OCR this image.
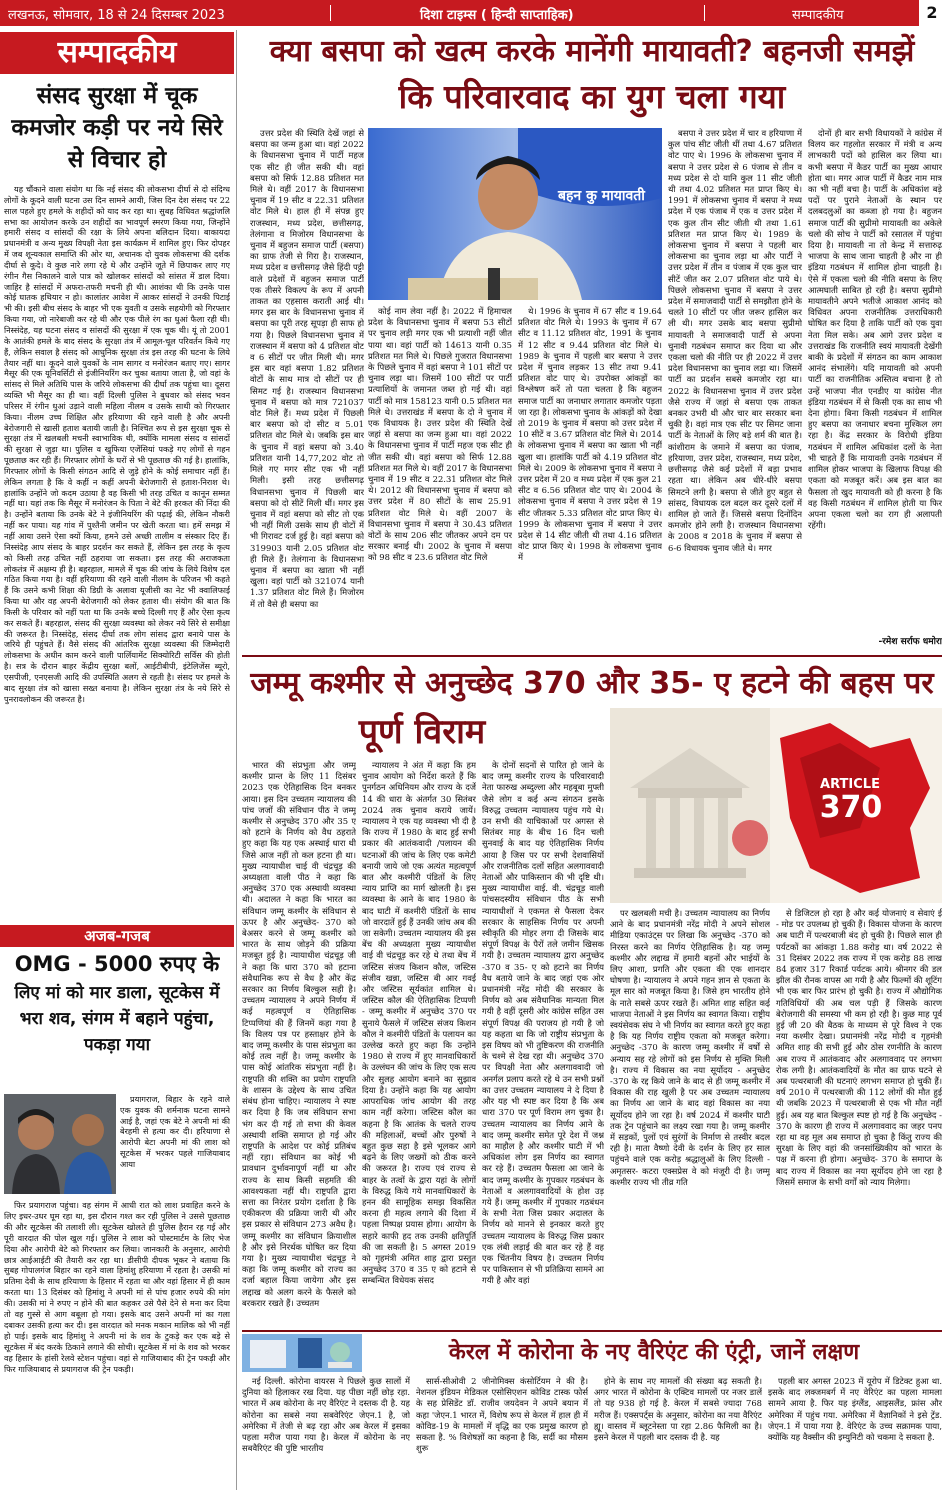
लखनऊ, सोमवार, 18 से 24 दिसम्बर 2023	दिशा टाइम्स ( हिन्दी साप्ताहिक)	सम्पादकीय	2
सम्पादकीय
संसद सुरक्षा में चूक कमजोर कड़ी पर नये सिरे से विचार हो

यह चौंकाने वाला संयोग था कि नई संसद की लोकसभा दीर्घा से दो संदिग्ध लोगों के कूदने वाली घटना उस दिन सामने आयी, जिस दिन देश संसद पर 22 साल पहले हुए हमले के शहीदों को याद कर रहा था। सुबह विधिवत श्रद्धांजलि सभा का आयोजन करके उन शहीदों का भावपूर्ण स्मरण किया गया, जिन्होंने हमारी संसद व सांसदों की रक्षा के लिये अपना बलिदान दिया। बाकायदा प्रधानमंत्री व अन्य मुख्य विपक्षी नेता इस कार्यक्रम में शामिल हुए। फिर दोपहर में जब शून्यकाल समाप्ति की ओर था, अचानक दो युवक लोकसभा की दर्शक दीर्घा से कूदे। वे कुछ नारे लगा रहे थे और उन्होंने जूते में छिपाकर लाए गए रंगीन गैस निकालने वाले पात्र को खोलकर सांसदों को सांसत में डाल दिया। जाहिर है सांसदों में अफरा-तफरी मचनी ही थी। आशंका थी कि उनके पास कोई घातक हथियार न हो। कालांतर आवेश में आकर सांसदों ने उनकी पिटाई भी की। इसी बीच संसद के बाहर भी एक युवती व उसके सहयोगी को गिरफ्तार किया गया, जो नारेबाजी कर रहे थी और एक पीले रंग का धुआं फैला रही थी। निस्संदेह, यह घटना संसद व सांसदों की सुरक्षा में एक चूक थी। यूं तो 2001 के आतंकी हमले के बाद संसद के सुरक्षा तंत्र में आमूल-चूल परिवर्तन किये गए हैं, लेकिन सवाल है संसद को आधुनिक सुरक्षा तंत्र इस तरह की घटना के लिये तैयार नहीं था। कूदने वाले युवकों के नाम सागर व मनोरंजन बताए गए। सागर मैसूर की एक यूनिवर्सिटी से इंजीनियरिंग कर चुका बताया जाता है, जो वहां के सांसद से मिले अतिथि पास के जरिये लोकसभा की दीर्घा तक पहुंचा था। दूसरा व्यक्ति भी मैसूर का ही था। वहीं दिल्ली पुलिस ने बुधवार को संसद भवन परिसर में रंगीन धुआं उड़ाने वाली महिला नीलम व उसके साथी को गिरफ्तार किया। नीलम उच्च शिक्षित और हरियाणा की रहने वाली है और अपनी बेरोजगारी से खासी हताश बतायी जाती है। निश्चित रूप से इस सुरक्षा चूक से सुरक्षा तंत्र में खलबली मचनी स्वाभाविक थी, क्योंकि मामला संसद व सांसदों की सुरक्षा से जुड़ा था। पुलिस व खुफिया एजेंसियां पकड़े गए लोगों से गहन पूछताछ कर रही हैं। गिरफ्तार लोगों के घरों से भी पूछताछ की गई है। हालांकि, गिरफ्तार लोगों के किसी संगठन आदि से जुड़े होने के कोई समाचार नहीं हैं। लेकिन लगता है कि वे कहीं न कहीं अपनी बेरोजगारी से हताश-निराश थे। हालांकि उन्होंने जो कदम उठाया है वह किसी भी तरह उचित व कानून सम्मत नहीं था। यहां तक कि मैसूर में मनोरंजन के पिता ने बेटे की हरकत की निंदा की है। उन्होंने बताया कि उनके बेटे ने इंजीनियरिंग की पढ़ाई की, लेकिन नौकरी नहीं कर पाया। यह गांव में पुश्तैनी जमीन पर खेती करता था। हमें समझ में नहीं आया उसने ऐसा क्यों किया, हमने उसे अच्छी तालीम व संस्कार दिए हैं। निस्संदेह आप संसद के बाहर प्रदर्शन कर सकते हैं, लेकिन इस तरह के कृत्य को किसी तरह उचित नहीं ठहराया जा सकता। इस तरह की अराजकता लोकतंत्र में अक्षम्य ही है। बहरहाल, मामले में चूक की जांच के लिये विशेष दल गठित किया गया है। वहीं हरियाणा की रहने वाली नीलम के परिजन भी कहते हैं कि उसने कभी शिक्षा की डिग्री के अलावा यूजीसी का नेट भी क्वालिफाई किया था और वह अपनी बेरोजगारी को लेकर हताश थी। संयोग की बात कि किसी के परिवार को नहीं पता था कि उनके बच्चे दिल्ली गए हैं और ऐसा कृत्य कर सकते हैं। बहरहाल, संसद की सुरक्षा व्यवस्था को लेकर नये सिरे से समीक्षा की जरूरत है। निस्संदेह, संसद दीर्घा तक लोग सांसद द्वारा बनाये पास के जरिये ही पहुंचते हैं। वैसे संसद की आंतरिक सुरक्षा व्यवस्था की जिम्मेदारी लोकसभा के अधीन काम करने वाली पार्लियामेंट सिक्योरिटी सर्विस की होती है। सत्र के दौरान बाहर केंद्रीय सुरक्षा बलों, आईटीबीपी, इंटेलिजेंस ब्यूरो, एसपीजी, एनएसजी आदि की उपस्थिति अलग से रहती है। संसद पर हमले के बाद सुरक्षा तंत्र को खासा सख्त बनाया है। लेकिन सुरक्षा तंत्र के नये सिरे से पुनरावलोकन की जरूरत है।

अजब-गजब
OMG - 5000 रुपए के
लिए मां को मार डाला, सूटकेस में भरा शव, संगम में बहाने पहुंचा, पकड़ा गया

प्रयागराज, बिहार के रहने वाले एक युवक की शर्मनाक घटना सामने आई है, जहां एक बेटे ने अपनी मां की बेरहमी से हत्या कर दी। हरियाणा से आरोपी बेटा अपनी मां की लाश को सूटकेस में भरकर पहले गाजियाबाद आया

फिर प्रयागराज पहुंचा। वह संगम में आधी रात को लाश प्रवाहित करने के लिए इधर-उधर घूम रहा था, इस दौरान गश्त कर रही पुलिस ने उससे पूछताछ की और सूटकेस की तलाशी ली। सूटकेस खोलते ही पुलिस हैरान रह गई और पूरी वारदात की पोल खुल गई। पुलिस ने लाश को पोस्टमार्टम के लिए भेज दिया और आरोपी बेटे को गिरफ्तार कर लिया। जानकारी के अनुसार, आरोपी छात्र आईआईटी की तैयारी कर रहा था। डीसीपी दीपक भूकर ने बताया कि सुबह गोपालगंज बिहार का रहने वाला हिमांशु हरियाणा में रहता है। उसकी मां प्रतिमा देवी के साथ हरियाणा के हिसार में रहता था और वहां हिसार में ही काम करता था। 13 दिसंबर को हिमांशु ने अपनी मां से पांच हजार रुपये की मांग की। उसकी मां ने रुपए न होने की बात कहकर उसे पैसे देने से मना कर दिया तो वह गुस्से से आग बबूला हो गया। इसके बाद उसने अपनी मां का गला दबाकर उसकी हत्या कर दी। इस वारदात को मनक मकान मालिक को भी नहीं हो पाई। इसके बाद हिमांशु ने अपनी मां के शव के टुकड़े कर एक बड़े से सूटकेस में बंद करके ठिकाने लगाने की सोची। सूटकेस में मां के शव को भरकर वह हिसार के हांसी रेलवे स्टेशन पहुंचा। वहां से गाजियाबाद की ट्रेन पकड़ी और फिर गाजियाबाद से प्रयागराज की ट्रेन पकड़ी।

क्या बसपा को खत्म करके मानेंगी मायावती? बहनजी समझें
कि परिवारवाद का युग चला गया

उत्तर प्रदेश की स्थिति देखें जहां से बसपा का जन्म हुआ था। वहां 2022 के विधानसभा चुनाव में पार्टी महज एक सीट ही जीत सकी थी। वहां बसपा को सिर्फ 12.88 प्रतिशत मत मिले थे। वहीं 2017 के विधानसभा चुनाव में 19 सीट व 22.31 प्रतिशत वोट मिले थे। हाल ही में संपन्न हुए राजस्थान, मध्य प्रदेश, छत्तीसगढ़, तेलंगाना व मिजोरम विधानसभा के चुनाव में बहुजन समाज पार्टी (बसपा) का ग्राफ तेजी से गिरा है। राजस्थान, मध्य प्रदेश व छत्तीसगढ़ जैसे हिंदी पट्टी वाले प्रदेशों में बहुजन समाज पार्टी एक तीसरे विकल्प के रूप में अपनी ताकत का एहसास कराती आई थी। मगर इस बार के विधानसभा चुनाव में बसपा का पूरी तरह सूपड़ा ही साफ हो गया है। पिछले विधानसभा चुनाव में राजस्थान में बसपा को 4 प्रतिशत वोट व 6 सीटों पर जीत मिली थी। मगर इस बार वहां बसपा 1.82 प्रतिशत वोटों के साथ मात्र दो सीटों पर ही सिमट गई है। राजस्थान विधानसभा चुनाव में बसपा को मात्र 721037 वोट मिले हैं। मध्य प्रदेश में पिछली बार बसपा को दो सीट व 5.01 प्रतिशत वोट मिले थे। जबकि इस बार के चुनाव में वहां बसपा को 3.40 प्रतिशत यानी 14,77,202 वोट तो मिले गए मगर सीट एक भी नहीं मिली। इसी तरह छत्तीसगढ़ विधानसभा चुनाव में पिछली बार बसपा को दो सीटें मिली थीं। मगर इस चुनाव में वहां बसपा को सीट तो एक भी नहीं मिली उसके साथ ही वोटों में भी गिरावट दर्ज हुई है। वहां बसपा को 319903 यानी 2.05 प्रतिशत वोट ही मिले हैं। तेलंगाना के विधानसभा चुनाव में बसपा का खाता भी नहीं खुला। वहां पार्टी को 321074 यानी 1.37 प्रतिशत वोट मिले हैं। मिजोरम में तो वैसे ही बसपा का

बहन कु मायावती

कोई नाम लेवा नहीं है। 2022 में हिमाचल प्रदेश के विधानसभा चुनाव में बसपा 53 सीटों पर चुनाव लड़ी मगर एक भी प्रत्याशी नहीं जीत पाया था। वहां पार्टी को 14613 यानी 0.35 प्रतिशत मत मिले थे। पिछले गुजरात विधानसभा के पिछले चुनाव में वहां बसपा ने 101 सीटों पर चुनाव लड़ा था। जिसमें 100 सीटों पर पार्टी प्रत्याशियों के जमानत जब्त हो गई थी। वहां पार्टी को मात्र 158123 यानी 0.5 प्रतिशत मत मिले थे। उत्तराखंड में बसपा के दो ने चुनाव में एक विधायक है। उत्तर प्रदेश की स्थिति देखें जहां से बसपा का जन्म हुआ था। वहां 2022 के विधानसभा चुनाव में पार्टी महज एक सीट ही जीत सकी थी। वहां बसपा को सिर्फ 12.88 प्रतिशत मत मिले थे। वहीं 2017 के विधानसभा चुनाव में 19 सीट व 22.31 प्रतिशत वोट मिले थे। 2012 की विधानसभा चुनाव में बसपा को उत्तर प्रदेश में 80 सीटों के साथ 25.91 प्रतिशत वोट मिले थे। वहीं 2007 के विधानसभा चुनाव में बसपा ने 30.43 प्रतिशत वोटों के साथ 206 सीट जीतकर अपने दम पर सरकार बनाई थी। 2002 के चुनाव में बसपा को 98 सीट व 23.6 प्रतिशत वोट मिले

थे। 1996 के चुनाव में 67 सीट व 19.64 प्रतिशत वोट मिले थे। 1993 के चुनाव में 67 सीट व 11.12 प्रतिशत वोट, 1991 के चुनाव में 12 सीट व 9.44 प्रतिशत वोट मिले थे। 1989 के चुनाव में पहली बार बसपा ने उत्तर प्रदेश में चुनाव लड़कर 13 सीट तथा 9.41 प्रतिशत वोट पाए थे। उपरोक्त आंकड़ों का विश्लेषण करें तो पता चलता है कि बहुजन समाज पार्टी का जनाधार लगातार कमजोर पड़ता जा रहा है। लोकसभा चुनाव के आंकड़ों को देखा तो 2019 के चुनाव में बसपा को उत्तर प्रदेश में 10 सीटें व 3.67 प्रतिशत वोट मिले थे। 2014 के लोकसभा चुनाव में बसपा का खाता भी नहीं खुला था। हालांकि पार्टी को 4.19 प्रतिशत वोट मिले थे। 2009 के लोकसभा चुनाव में बसपा ने उत्तर प्रदेश में 20 व मध्य प्रदेश में एक कुल 21 सीट व 6.56 प्रतिशत वोट पाए थे। 2004 के लोकसभा चुनाव में बसपा ने उत्तर प्रदेश से 19 सीट जीतकर 5.33 प्रतिशत वोट प्राप्त किए थे। 1999 के लोकसभा चुनाव में बसपा ने उत्तर प्रदेश से 14 सीट जीती थी तथा 4.16 प्रतिशत वोट प्राप्त किए थे। 1998 के लोकसभा चुनाव में

बसपा ने उत्तर प्रदेश में चार व हरियाणा में कुल पांच सीट जीती थीं तथा 4.67 प्रतिशत वोट पाए थे। 1996 के लोकसभा चुनाव में बसपा ने उत्तर प्रदेश से 6 पंजाब से तीन व मध्य प्रदेश से दो यानि कुल 11 सीट जीती थी तथा 4.02 प्रतिशत मत प्राप्त किए थे। 1991 में लोकसभा चुनाव में बसपा ने मध्य प्रदेश में एक पंजाब में एक व उत्तर प्रदेश में एक कुल तीन सीट जीती थी तथा 1.61 प्रतिशत मत प्राप्त किए थे। 1989 के लोकसभा चुनाव में बसपा ने पहली बार लोकसभा का चुनाव लड़ा था और पार्टी ने उत्तर प्रदेश में तीन व पंजाब में एक कुल चार सीटें जीत कर 2.07 प्रतिशत वोट पाये थे। पिछले लोकसभा चुनाव में बसपा ने उत्तर प्रदेश में समाजवादी पार्टी से समझौता होने के चलते 10 सीटों पर जीत जरूर हासिल कर ली थी। मगर उसके बाद बसपा सुप्रीमो मायावती ने समाजवादी पार्टी से अपना चुनावी गठबंधन समाप्त कर दिया था और एकला चलो की नीति पर ही 2022 में उत्तर प्रदेश विधानसभा का चुनाव लड़ा था। जिसमें पार्टी का प्रदर्शन सबसे कमजोर रहा था। 2022 के विधानसभा चुनाव में उत्तर प्रदेश जैसे राज्य में जहां से बसपा एक ताकत बनकर उभरी थी और चार बार सरकार बना चुकी है। वहां मात्र एक सीट पर सिमट जाना पार्टी के नेताओं के लिए बड़े शर्म की बात है। कांशीराम के जमाने में बसपा का पंजाब, हरियाणा, उत्तर प्रदेश, राजस्थान, मध्य प्रदेश, छत्तीसगढ़ जैसे कई प्रदेशों में बड़ा प्रभाव रहता था। लेकिन अब धीरे-धीरे बसपा सिमटने लगी है। बसपा से जीते हुए बहुत से सांसद, विधायक दल बदल कर दूसरे दलों में शामिल हो जाते हैं। जिससे बसपा दिनोंदिन कमजोर होने लगी है। राजस्थान विधानसभा के 2008 व 2018 के चुनाव में बसपा से 6-6 विधायक चुनाव जीते थे। मगर

दोनों ही बार सभी विधायकों ने कांग्रेस में विलय कर गहलोत सरकार में मंत्री व अन्य लाभकारी पदों को हासिल कर लिया था। कभी बसपा में कैडर पार्टी का मुख्य आधार होता था। मगर आज पार्टी में कैडर नाम मात्र का भी नहीं बचा है। पार्टी के अधिकांश बड़े पदों पर पुराने नेताओं के स्थान पर दलबदलुओं का कब्जा हो गया है। बहुजन समाज पार्टी की सुप्रीमो मायावती का अकेले चलो की सोच ने पार्टी को रसातल में पहुंचा दिया है। मायावती ना तो केन्द्र में सत्तारुढ़ भाजपा के साथ जाना चाहती है और ना ही इंडिया गठबंधन में शामिल होना चाहती है। ऐसे में एकला चलो की नीति बसपा के लिए आत्मघाती साबित हो रही है। बसपा सुप्रीमो मायावतीने अपने भतीजे आकाश आनंद को विधिवत अपना राजनीतिक उत्तराधिकारी घोषित कर दिया है ताकि पार्टी को एक युवा नेता मिल सके। अब आगे उत्तर प्रदेश व उत्तराखंड कि राजनीति स्वयं मायावती देखेंगी बाकी के प्रदेशों में संगठन का काम आकाश आनंद संभालेंगे। यदि मायावती को अपनी पार्टी का राजनीतिक अस्तित्व बचाना है तो उन्हें भाजपा नीत एनडीए या कांग्रेस नीत इंडिया गठबंधन में से किसी एक का साथ भी देना होगा। बिना किसी गठबंधन में शामिल हुए बसपा का जनाधार बचना मुश्किल लग रहा है। केंद्र सरकार के विरोधी इंडिया गठबंधन में शामिल अधिकांश दलों के नेता भी चाहते हैं कि मायावती उनके गठबंधन में शामिल होकर भाजपा के खिलाफ विपक्ष की एकता को मजबूत करें। अब इस बात का फैसला तो खुद मायावती को ही करना है कि वह किसी गठबंधन में शामिल होती या फिर अपना एकला चलो का राग ही अलापती रहेंगी।

-रमेश सर्राफ धमोरा
जम्मू कश्मीर से अनुच्छेद 370 और 35- ए हटने की बहस पर
पूर्ण विराम
ARTICLE
370

भारत की संप्रभुता और जम्मू कश्मीर प्रान्त के लिए 11 दिसंबर 2023 एक ऐतिहासिक दिन बनकर आया। इस दिन उच्चतम न्यायालय की पांच जजों की संविधान पीठ ने जम्मू कश्मीर से अनुच्छेद 370 और 35 ए को हटाने के निर्णय को वैध ठहराते हुए कहा कि यह एक अस्थाई धारा थी जिसे आज नहीं तो कल हटना ही था। मुख्य न्यायाधीश चाई वी चंद्रचूड़ की अध्यक्षता वाली पीठ ने कहा कि अनुच्छेद 370 एक अस्थायी व्यवस्था थी। अदालत ने कहा कि भारत का संविधान जम्मू कश्मीर के संविधान से ऊपर है और अनुच्छेद- 370 को बेअसर करने से जम्मू कश्मीर को भारत के साथ जोड़ने की प्रक्रिया मजबूत हुई है। न्यायाधीश चंद्रचूड़ जी ने कहा कि धारा 370 को हटाना संवैधानिक रूप से वैध है और केंद्र सरकार का निर्णय बिल्कुल सही है। उच्चतम न्यायालय ने अपने निर्णय में कई महत्वपूर्ण व ऐतिहासिक टिप्पणियां की हैं जिनमें कहा गया है कि विलय पत्र पर हस्ताक्षर होने के बाद जम्मू कश्मीर के पास संप्रभुता का कोई तत्व नहीं है। जम्मू कश्मीर के पास कोई आंतरिक संप्रभुता नहीं है। राष्ट्रपति की शक्ति का प्रयोग राष्ट्रपति के शासन के उद्देश्य के साथ उचित संबंध होना चाहिए। न्यायालय ने स्पष्ट कर दिया है कि जब संविधान सभा भंग कर दी गई तो सभा की केवल अस्थायी शक्ति समाप्त हो गई और राष्ट्रपति के आदेश पर कोई प्रतिबंध नहीं रहा। संविधान का कोई भी प्रावधान दुर्भावनापूर्ण नहीं था और राज्य के साथ किसी सहमति की आवश्यकता नहीं थी। राष्ट्रपति द्वारा सत्ता का निरंतर प्रयोग दर्शाता है कि एकीकरण की प्रक्रिया जारी थी और इस प्रकार से संविधान 273 अवैध है। जम्मू कश्मीर का संविधान क्रियाशील है और इसे निरर्थक घोषित कर दिया गया है। मुख्य न्यायाधीश चंद्रचूड़ ने कहा कि जम्मू कश्मीर को राज्य का दर्जा बहाल किया जायेगा और इस लद्दाख को अलग करने के फैसले को बरकरार रखते हैं। उच्चतम

न्यायालय ने अंत में कहा कि हम चुनाव आयोग को निर्देश करते हैं कि पुनर्गठन अधिनियम और राज्य के दर्जे 14 की धारा के अंतर्गत 30 सितंबर 2024 तक चुनाव कराये जायें। न्यायालय ने एक यह व्यवस्था भी दी है कि राज्य में 1980 के बाद हुई सभी प्रकार की आतंकवादी /पलायन की घटनाओं की जांच के लिए एक कमेटी बनायी जाये जो एक अत्यंत महत्वपूर्ण बात और कश्मीरी पंडितों के लिए न्याय प्राप्ति का मार्ग खोलती है। इस व्यवस्था के आने के बाद 1980 के बाद घाटी में कश्मीरी पंडितों के साथ जो वारदातें हुई हैं उनकी जांच अब की जा सकेगी। उच्चतम न्यायालय की इस बेंच की अध्यक्षता मुख्य न्यायाधीश वाई वी चंद्रचूड़ कर रहे थे तथा बेंच में जस्टिस संजय किशन कौल, जस्टिस संजीव खन्ना, जस्टिस बी आर गवई और जस्टिस सूर्यकांत शामिल थे। जस्टिस कौल की ऐतिहासिक टिप्पणी - जम्मू कश्मीर में अनुच्छेद 370 पर सुनाये फैसले में जस्टिस संजय किशन कौल ने कश्मीरी पंडितों के पलायन का उल्लेख करते हुए कहा कि उन्होंने 1980 से राज्य में हुए मानवाधिकारों के उल्लंघन की जांच के लिए एक सत्य और सुलह आयोग बनाने का सुझाव दिया है। उन्होंने कहा कि यह आयोग आपराधिक जांच आयोग की तरह काम नहीं करेगा। जस्टिस कौल का कहना है कि आतंक के चलते राज्य की महिलाओं, बच्चों और पुरुषों ने बहुत कुछ सहा है इसे भूलकर आगे बढ़ने के लिए जख्मों को ठीक करने की जरूरत है। राज्य एवं राज्य से बाहर के तत्वों के द्वारा यहां के लोगों के विरुद्ध किये गये मानवाधिकारों के हनन की सामूहिक समझ विकसित करना ही महत्व लगाने की दिशा में पहला निष्पक्ष प्रयास होगा। आयोग के सहारे काफी हद तक उनकी क्षतिपूर्ति की जा सकती है। 5 अगस्त 2019 को गृहमंत्री अमित शाह द्वारा प्रस्तुत अनुच्छेद 370 व 35 ए को हटाने से सम्बन्धित विधेयक संसद

के दोनों सदनों से पारित हो जाने के बाद जम्मू कश्मीर राज्य के परिवारवादी नेता फारुख अब्दुल्ला और महबूबा मुफ्ती जैसे लोग व कई अन्य संगठन इसके विरुद्ध उच्चतम न्यायालय पहुंच गये थे। उन सभी की याचिकाओं पर अगस्त से सितंबर माह के बीच 16 दिन चली सुनवाई के बाद यह ऐतिहासिक निर्णय आया है जिस पर पर सभी देशवासियों और राजनीतिक दलों सहित अलगाववादी नेताओं और पाकिस्तान की भी दृष्टि थी। मुख्य न्यायाधीश वाई. वी. चंद्रचूड़ वाली पांचसदस्यीय संविधान पीठ के सभी न्यायाधीशों ने एकमत से फैसला देकर सरकार के साहसिक निर्णय पर अपनी स्वीकृति की मोहर लगा दी जिसके बाद संपूर्ण विपक्ष के पैरों तले जमीन खिसक गयी है। उच्चतम न्यायालय द्वारा अनुच्छेद -370 व 35- ए को हटाने का निर्णय वैध बताये जाने के बाद जहां एक ओर प्रधानमंत्री नरेंद्र मोदी की सरकार के निर्णय को अब संवैधानिक मान्यता मिल गयी है वहीं दूसरी ओर कांग्रेस सहित उस संपूर्ण विपक्ष की पराजय हो गयी है जो यह कहता था कि जो राष्ट्रीय संप्रभुता के इस विषय को भी तुष्टिकरण की राजनीति के चश्मे से देख रहा थी। अनुच्छेद 370 पर विपक्षी नेता और अलगाववादी जो अनर्गल प्रलाप करते रहे थे उन सभी प्रश्नों का उत्तर उच्चतम न्यायालय ने दे दिया है और यह भी स्पष्ट कर दिया है कि अब धारा 370 पर पूर्ण विराम लग चुका है। उच्चतम न्यायालय का निर्णय आने के बाद जम्मू कश्मीर समेत पूरे देश में जश्न का माहौल है और कश्मीर घाटी में भी अधिकांश लोग इस निर्णय का स्वागत कर रहे हैं। उच्चतम फैसला आ जाने के बाद जम्मू कश्मीर के गुपकार गठबंधन के नेताओं व अलगाववादियों के होश उड़ गये हैं। जम्मू कश्मीर में गुपकार गठबंधन के सभी नेता जिस प्रकार अदालत के निर्णय को मानने से इनकार करते हुए उच्चतम न्यायालय के विरुद्ध जिस प्रकार एक लंबी लड़ाई की बात कर रहे हैं वह एक चिंतनीय विषय है। उच्चतम निर्णय पर पाकिस्तान से भी प्रतिक्रिया सामने आ गयी है और वहां

पर खलबली मची है। उच्चतम न्यायालय का निर्णय आने के बाद प्रधानमंत्री नरेंद्र मोदी ने अपने सोशल मीडिया एकाउंट्स पर लिखा कि अनुच्छेद -370 को निरस्त करने का निर्णय ऐतिहासिक है। यह जम्मू कश्मीर और लद्दाख में हमारी बहनों और भाईयों के लिए आशा, प्रगति और एकता की एक शानदार घोषणा है। न्यायालय ने अपने गहन ज्ञान से एकता के मूल सार को मजबूत किया है। जिसे हम भारतीय होने के नाते सबसे ऊपर रखते हैं। अमित शाह सहित कई भाजपा नेताओं ने इस निर्णय का स्वागत किया। राष्ट्रीय स्वयंसेवक संघ ने भी निर्णय का स्वागत करते हुए कहा है कि यह निर्णय राष्ट्रीय एकता को मजबूत करेगा। अनुच्छेद -370 के कारण जम्मू कश्मीर में वर्षों से अन्याय सह रहे लोगों को इस निर्णय से मुक्ति मिली है। राज्य में विकास का नया सूर्योदय - अनुच्छेद -370 के रद्द किये जाने के बाद से ही जम्मू कश्मीर में विकास की राह खुली है पर अब उच्चतम न्यायालय का निर्णय आ जाने के बाद वहां विकास का नया सूर्योदय होने जा रहा है। वर्ष 2024 में कश्मीर घाटी तक ट्रेन पहुंचाने का लक्ष्य रखा गया है। जम्मू कश्मीर में सड़कों, पुलों एवं सुरंगों के निर्माण से तस्वीर बदल रही है। माता वैष्णो देवी के दर्शन के लिए हर साल पहुंचने वाले एक करोड़ श्रद्धालुओं के लिए दिल्ली - अमृतसर- कटरा एक्सप्रेस वे को मंजूरी दी है। जम्मू कश्मीर राज्य भी तीव्र गति

से डिजिटल हो रहा है और कई योजनाएं व सेवाएं ई - मोड पर उपलब्ध हो चुकी हैं। विकास योजना के कारण अब घाटी में पत्थरबाजी बंद हो चुकी है। पिछले साल ही पर्यटकों का आंकड़ा 1.88 करोड़ था। वर्ष 2022 से 31 दिसंबर 2022 तक राज्य में एक करोड़ 88 लाख 84 हजार 317 रिकार्ड पर्यटक आये। श्रीनगर की डल झील की रौनक वापस आ गयी है और फिल्मों की शूटिंग भी एक बार फिर प्रारंभ हो चुकी है। राज्य में औद्योगिक गतिविधियों की अब चल पड़ी हैं जिसके कारण बेरोजगारी की समस्या भी कम हो रही है। कुछ माह पूर्व हुई जी 20 की बैठक के माध्यम से पूरे विश्व ने एक नया कश्मीर देखा। प्रधानमंत्री नरेंद्र मोदी व गृहमंत्री अमित शाह की सभी हुई और ठोस रणनीति के कारण अब राज्य में आतंकवाद और अलगाववाद पर लगभग रोक लगी है। आतंकवादियों के मौत का ग्राफ घटने से अब पत्थरबाजी की घटनाएं लगभग समाप्त हो चुकी हैं। वर्ष 2010 में पत्थरबाजी की 112 लोगों की मौत हुई थी जबकि 2023 में पत्थरबाजी से एक भी मौत नहीं हुई। अब यह बात बिल्कुल स्पष्ट हो गई है कि अनुच्छेद - 370 के कारण ही राज्य में अलगाववाद का जहर पनप रहा था वह मूल अब समाप्त हो चुका है किंतु राज्य की सुरक्षा के लिए वहां की जनसांख्यिकीय को भारत के पक्ष में करना ही होगा। अनुच्छेद- 370 के समाप्त के बाद राज्य में विकास का नया सूर्योदय होने जा रहा है जिसमें समाज के सभी वर्गों को न्याय मिलेगा।

केरल में कोरोना के नए वैरिएंट की एंट्री, जानें लक्षण

नई दिल्ली. कोरोना वायरस ने पिछले कुछ सालों में दुनिया को हिलाकर रख दिया. यह पीछा नहीं छोड़ रहा. भारत में अब कोरोना के नए वैरिएंट ने दस्तक दी है. यह कोरोना का सबसे नया सबवेरिएंट जेएन.1 है, जो अमेरिका में तेजी से बढ़ रहा और अब केरल में इसका पहला मरीज पाया गया है। केरल में कोरोना के नए सबवैरिएंट की पुष्टि भारतीय

सार्स-सीओवी 2 जीनोमिक्स कंसोर्टियम ने की है। नेशनल इंडियन मेडिकल एसोसिएशन कोविड टास्क फोर्स के सह प्रेसिडेंट डॉ. राजीव जयदेवन ने अपने बयान में कहा 'जेएन.1 भारत में, विशेष रूप से केरल में हाल ही में कोविड-19 के मामलों में वृद्धि का एक प्रमुख कारण हो सकता है. % विशेषज्ञों का कहना है कि, सर्दी का मौसम शुरू

होने के साथ नए मामलों की संख्या बढ़ सकती है। अगर भारत में कोरोना के एक्टिव मामलों पर नजर डालें तो यह 938 हो गई है. केरल में सबसे ज्यादा 768 मरीज हैं। एक्सपर्ट्स के अनुसार, कोरोना का नया वैरिएंट ह्यू। वास्तव में ब्लूटनेस्ता पा रहा 2.86 फैमिली का है। इसने केरल में पहली बार दस्तक दी है. यह

पहली बार अगस्त 2023 में यूरोप में डिटेक्ट हुआ था. इसके बाद लक्जमबर्ग में नए वेरिएंट का पहला मामला सामने आया है. फिर यह इंग्लैंड, आइसलैंड, फ्रांस और अमेरिका में पहुंच गया. अमेरिका में वैज्ञानिकों ने इसे ट्रेंड. जेएन.1 में पाया गया है. वेरिएंट के उच्च सक्रामक पाया, क्योंकि यह वैक्सीन की इम्युनिटी को चकमा दे सकता है.
